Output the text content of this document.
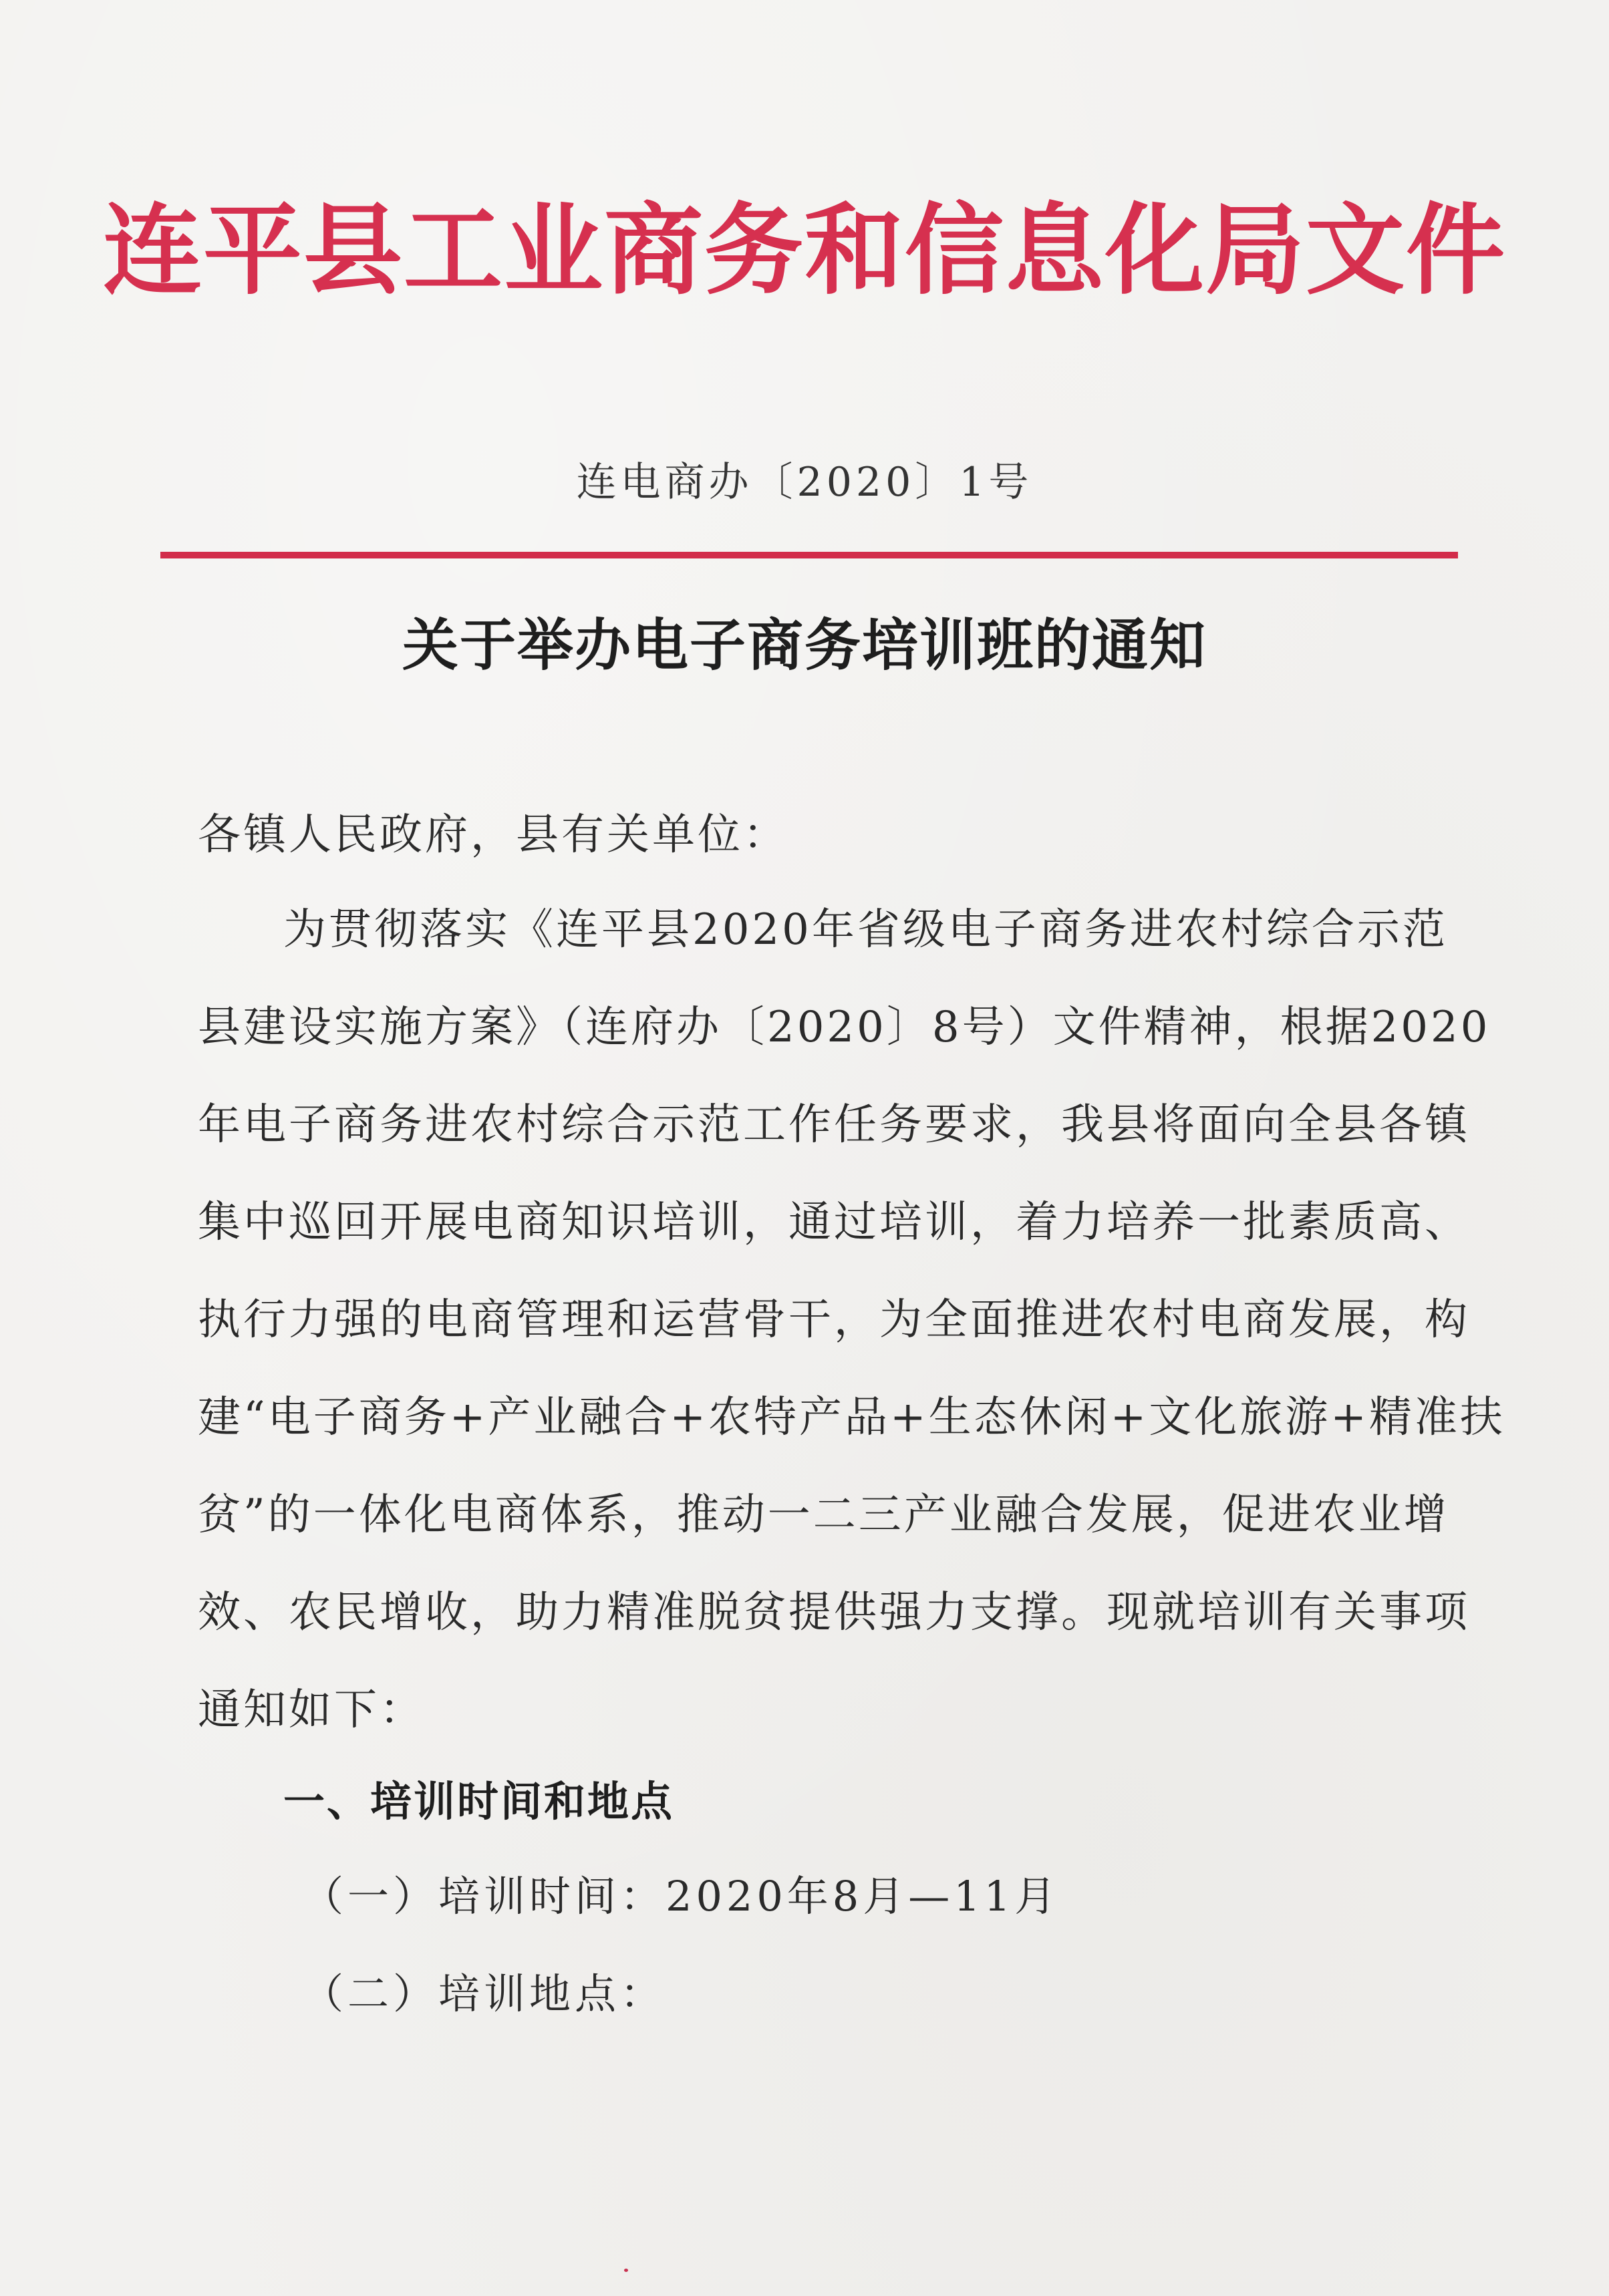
连平县工业商务和信息化局文件
连电商办〔2020〕1号
关于举办电子商务培训班的通知
各镇人民政府，县有关单位：
为贯彻落实《连平县2020年省级电子商务进农村综合示范
县建设实施方案》（连府办〔2020〕8号）文件精神，根据2020
年电子商务进农村综合示范工作任务要求，我县将面向全县各镇
集中巡回开展电商知识培训，通过培训，着力培养一批素质高、
执行力强的电商管理和运营骨干，为全面推进农村电商发展，构
建“电子商务+产业融合+农特产品+生态休闲+文化旅游+精准扶
贫”的一体化电商体系，推动一二三产业融合发展，促进农业增
效、农民增收，助力精准脱贫提供强力支撑。现就培训有关事项
通知如下：
一、培训时间和地点
（一）培训时间：2020年8月—11月
（二）培训地点：
